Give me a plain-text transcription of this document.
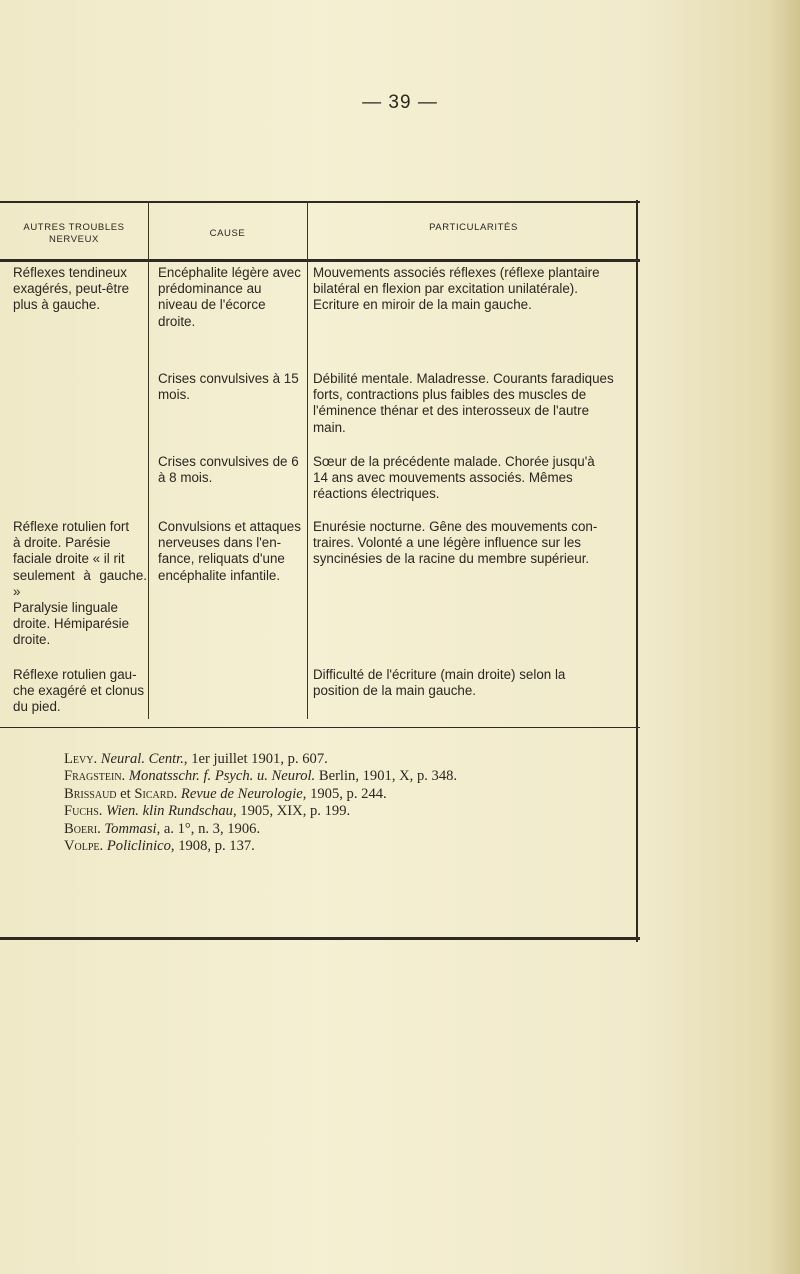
— 39 —
AUTRES TROUBLES
NERVEUX
CAUSE
PARTICULARITÉS
Réflexes tendineux
exagérés, peut-être
plus à gauche.
Encéphalite légère avec
prédominance au
niveau de l'écorce
droite.
Mouvements associés réflexes (réflexe plantaire
bilatéral en flexion par excitation unilatérale).
Ecriture en miroir de la main gauche.
Crises convulsives à 15
mois.
Débilité mentale. Maladresse. Courants faradiques
forts, contractions plus faibles des muscles de
l'éminence thénar et des interosseux de l'autre
main.
Crises convulsives de 6
à 8 mois.
Sœur de la précédente malade. Chorée jusqu'à
14 ans avec mouvements associés. Mêmes
réactions électriques.
Réflexe rotulien fort
à droite. Parésie
faciale droite « il rit
seulement à gauche. »
Paralysie linguale
droite. Hémiparésie
droite.
Convulsions et attaques
nerveuses dans l'en-
fance, reliquats d'une
encéphalite infantile.
Enurésie nocturne. Gêne des mouvements con-
traires. Volonté a une légère influence sur les
syncinésies de la racine du membre supérieur.
Réflexe rotulien gau-
che exagéré et clonus
du pied.
Difficulté de l'écriture (main droite) selon la
position de la main gauche.
Levy. Neural. Centr., 1er juillet 1901, p. 607.
Fragstein. Monatsschr. f. Psych. u. Neurol. Berlin, 1901, X, p. 348.
Brissaud et Sicard. Revue de Neurologie, 1905, p. 244.
Fuchs. Wien. klin Rundschau, 1905, XIX, p. 199.
Boeri. Tommasi, a. 1°, n. 3, 1906.
Volpe. Policlinico, 1908, p. 137.
